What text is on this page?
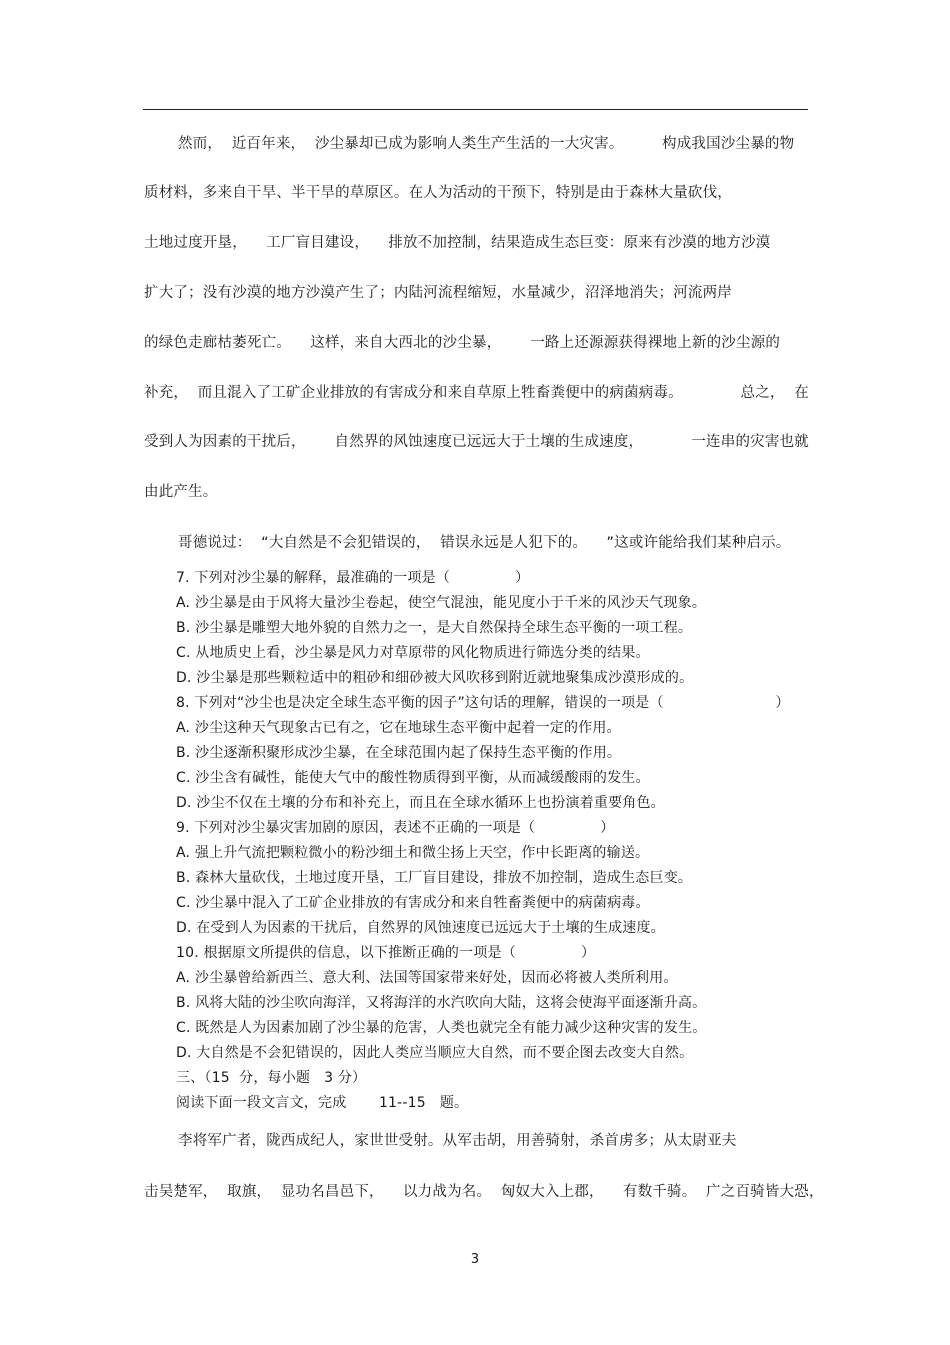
然而，  近百年来，  沙尘暴却已成为影响人类生产生活的一大灾害。        构成我国沙尘暴的物
质材料，多来自干旱、半干旱的草原区。在人为活动的干预下，特别是由于森林大量砍伐，
土地过度开垦，    工厂盲目建设，    排放不加控制，结果造成生态巨变：原来有沙漠的地方沙漠
扩大了；没有沙漠的地方沙漠产生了；内陆河流程缩短，水量减少，沼泽地消失；河流两岸
的绿色走廊枯萎死亡。    这样，来自大西北的沙尘暴，      一路上还源源获得裸地上新的沙尘源的
补充，  而且混入了工矿企业排放的有害成分和来自草原上牲畜粪便中的病菌病毒。            总之，  在
受到人为因素的干扰后，      自然界的风蚀速度已远远大于土壤的生成速度，          一连串的灾害也就
由此产生。
哥德说过：  “大自然是不会犯错误的，  错误永远是人犯下的。    ”这或许能给我们某种启示。
7. 下列对沙尘暴的解释，最准确的一项是（              ）
A. 沙尘暴是由于风将大量沙尘卷起，使空气混浊，能见度小于千米的风沙天气现象。
B. 沙尘暴是雕塑大地外貌的自然力之一，是大自然保持全球生态平衡的一项工程。
C. 从地质史上看，沙尘暴是风力对草原带的风化物质进行筛选分类的结果。
D. 沙尘暴是那些颗粒适中的粗砂和细砂被大风吹移到附近就地聚集成沙漠形成的。
8. 下列对“沙尘也是决定全球生态平衡的因子”这句话的理解，错误的一项是（                        ）
A. 沙尘这种天气现象古已有之，它在地球生态平衡中起着一定的作用。
B. 沙尘逐渐积聚形成沙尘暴，在全球范围内起了保持生态平衡的作用。
C. 沙尘含有碱性，能使大气中的酸性物质得到平衡，从而减缓酸雨的发生。
D. 沙尘不仅在土壤的分布和补充上，而且在全球水循环上也扮演着重要角色。
9. 下列对沙尘暴灾害加剧的原因，表述不正确的一项是（              ）
A. 强上升气流把颗粒微小的粉沙细土和微尘扬上天空，作中长距离的输送。
B. 森林大量砍伐，土地过度开垦，工厂盲目建设，排放不加控制，造成生态巨变。
C. 沙尘暴中混入了工矿企业排放的有害成分和来自牲畜粪便中的病菌病毒。
D. 在受到人为因素的干扰后，自然界的风蚀速度已远远大于土壤的生成速度。
10. 根据原文所提供的信息，以下推断正确的一项是（              ）
A. 沙尘暴曾给新西兰、意大利、法国等国家带来好处，因而必将被人类所利用。
B. 风将大陆的沙尘吹向海洋，又将海洋的水汽吹向大陆，这将会使海平面逐渐升高。
C. 既然是人为因素加剧了沙尘暴的危害，人类也就完全有能力减少这种灾害的发生。
D. 大自然是不会犯错误的，因此人类应当顺应大自然，而不要企图去改变大自然。
三、（15  分，每小题   3 分）
阅读下面一段文言文，完成       11--15   题。
李将军广者，陇西成纪人，家世世受射。从军击胡，用善骑射，杀首虏多；从太尉亚夫
击吴楚军，  取旗，  显功名昌邑下，    以力战为名。  匈奴大入上郡，    有数千骑。  广之百骑皆大恐，
3
